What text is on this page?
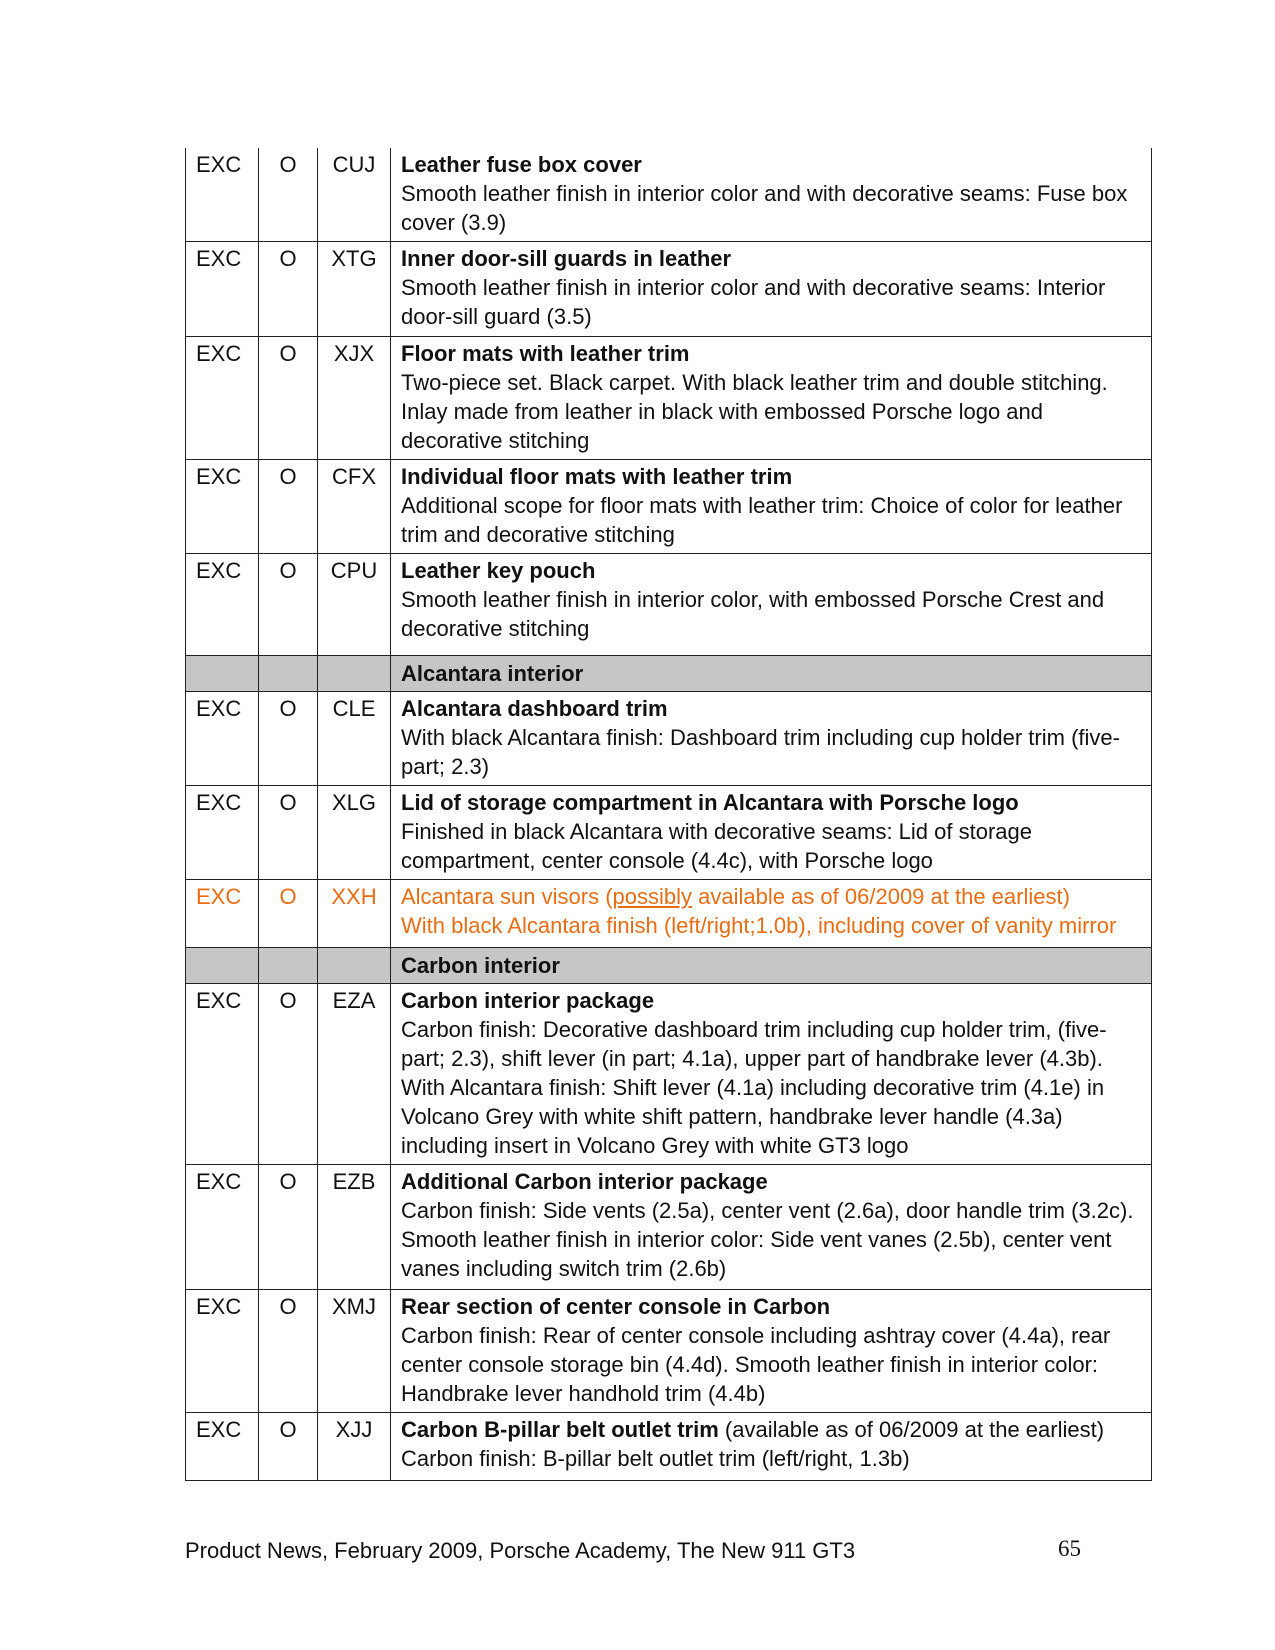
EXC	O	CUJ	Leather fuse box cover
Smooth leather finish in interior color and with decorative seams: Fuse box cover (3.9)

EXC	O	XTG	Inner door-sill guards in leather
Smooth leather finish in interior color and with decorative seams: Interior door-sill guard (3.5)

EXC	O	XJX	Floor mats with leather trim
Two-piece set. Black carpet. With black leather trim and double stitching. Inlay made from leather in black with embossed Porsche logo and decorative stitching

EXC	O	CFX	Individual floor mats with leather trim
Additional scope for floor mats with leather trim: Choice of color for leather trim and decorative stitching

EXC	O	CPU	Leather key pouch
Smooth leather finish in interior color, with embossed Porsche Crest and decorative stitching

			Alcantara interior
EXC	O	CLE	Alcantara dashboard trim
With black Alcantara finish: Dashboard trim including cup holder trim (five-part; 2.3)

EXC	O	XLG	Lid of storage compartment in Alcantara with Porsche logo
Finished in black Alcantara with decorative seams: Lid of storage compartment, center console (4.4c), with Porsche logo

EXC	O	XXH	Alcantara sun visors (possibly available as of 06/2009 at the earliest)
With black Alcantara finish (left/right;1.0b), including cover of vanity mirror

			Carbon interior
EXC	O	EZA	Carbon interior package
Carbon finish: Decorative dashboard trim including cup holder trim, (five-part; 2.3), shift lever (in part; 4.1a), upper part of handbrake lever (4.3b). With Alcantara finish: Shift lever (4.1a) including decorative trim (4.1e) in Volcano Grey with white shift pattern, handbrake lever handle (4.3a)
including insert in Volcano Grey with white GT3 logo

EXC	O	EZB	Additional Carbon interior package
Carbon finish: Side vents (2.5a), center vent (2.6a), door handle trim (3.2c). Smooth leather finish in interior color: Side vent vanes (2.5b), center vent vanes including switch trim (2.6b)

EXC	O	XMJ	Rear section of center console in Carbon
Carbon finish: Rear of center console including ashtray cover (4.4a), rear center console storage bin (4.4d). Smooth leather finish in interior color: Handbrake lever handhold trim (4.4b)

EXC	O	XJJ	Carbon B-pillar belt outlet trim (available as of 06/2009 at the earliest)
Carbon finish: B-pillar belt outlet trim (left/right, 1.3b)
Product News, February 2009, Porsche Academy, The New 911 GT3	65
